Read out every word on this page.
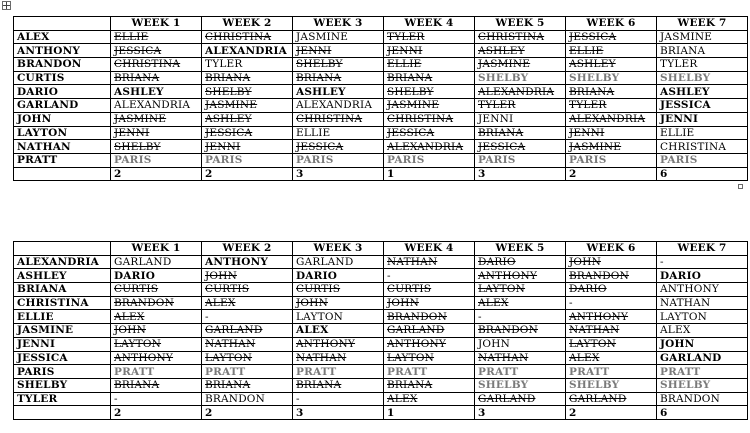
	WEEK 1	WEEK 2	WEEK 3	WEEK 4	WEEK 5	WEEK 6	WEEK 7
ALEX	ELLIE	CHRISTINA	JASMINE	TYLER	CHRISTINA	JESSICA	JASMINE
ANTHONY	JESSICA	ALEXANDRIA	JENNI	JENNI	ASHLEY	ELLIE	BRIANA
BRANDON	CHRISTINA	TYLER	SHELBY	ELLIE	JASMINE	ASHLEY	TYLER
CURTIS	BRIANA	BRIANA	BRIANA	BRIANA	SHELBY	SHELBY	SHELBY
DARIO	ASHLEY	SHELBY	ASHLEY	SHELBY	ALEXANDRIA	BRIANA	ASHLEY
GARLAND	ALEXANDRIA	JASMINE	ALEXANDRIA	JASMINE	TYLER	TYLER	JESSICA
JOHN	JASMINE	ASHLEY	CHRISTINA	CHRISTINA	JENNI	ALEXANDRIA	JENNI
LAYTON	JENNI	JESSICA	ELLIE	JESSICA	BRIANA	JENNI	ELLIE
NATHAN	SHELBY	JENNI	JESSICA	ALEXANDRIA	JESSICA	JASMINE	CHRISTINA
PRATT	PARIS	PARIS	PARIS	PARIS	PARIS	PARIS	PARIS
	2	2	3	1	3	2	6
	WEEK 1	WEEK 2	WEEK 3	WEEK 4	WEEK 5	WEEK 6	WEEK 7
ALEXANDRIA	GARLAND	ANTHONY	GARLAND	NATHAN	DARIO	JOHN	-
ASHLEY	DARIO	JOHN	DARIO	-	ANTHONY	BRANDON	DARIO
BRIANA	CURTIS	CURTIS	CURTIS	CURTIS	LAYTON	DARIO	ANTHONY
CHRISTINA	BRANDON	ALEX	JOHN	JOHN	ALEX	-	NATHAN
ELLIE	ALEX	-	LAYTON	BRANDON	-	ANTHONY	LAYTON
JASMINE	JOHN	GARLAND	ALEX	GARLAND	BRANDON	NATHAN	ALEX
JENNI	LAYTON	NATHAN	ANTHONY	ANTHONY	JOHN	LAYTON	JOHN
JESSICA	ANTHONY	LAYTON	NATHAN	LAYTON	NATHAN	ALEX	GARLAND
PARIS	PRATT	PRATT	PRATT	PRATT	PRATT	PRATT	PRATT
SHELBY	BRIANA	BRIANA	BRIANA	BRIANA	SHELBY	SHELBY	SHELBY
TYLER	-	BRANDON	-	ALEX	GARLAND	GARLAND	BRANDON
	2	2	3	1	3	2	6
